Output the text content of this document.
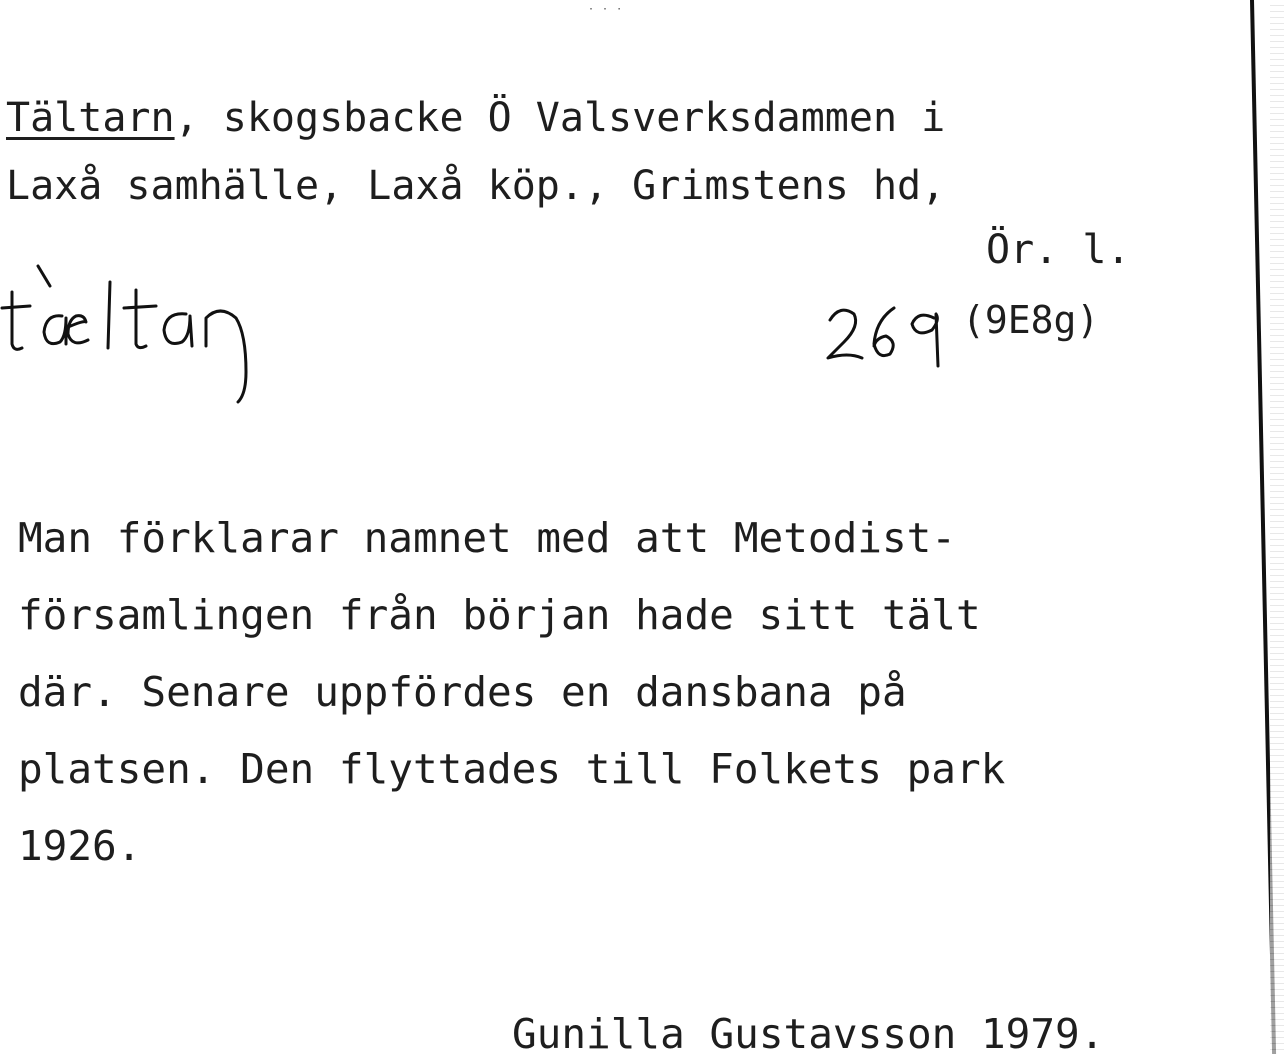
· · ·
Tältarn, skogsbacke Ö Valsverksdammen i
Laxå samhälle, Laxå köp., Grimstens hd,
Ör. l.
(9E8g)
Man förklarar namnet med att Metodist-
församlingen från början hade sitt tält
där. Senare uppfördes en dansbana på
platsen. Den flyttades till Folkets park
1926.
Gunilla Gustavsson 1979.
